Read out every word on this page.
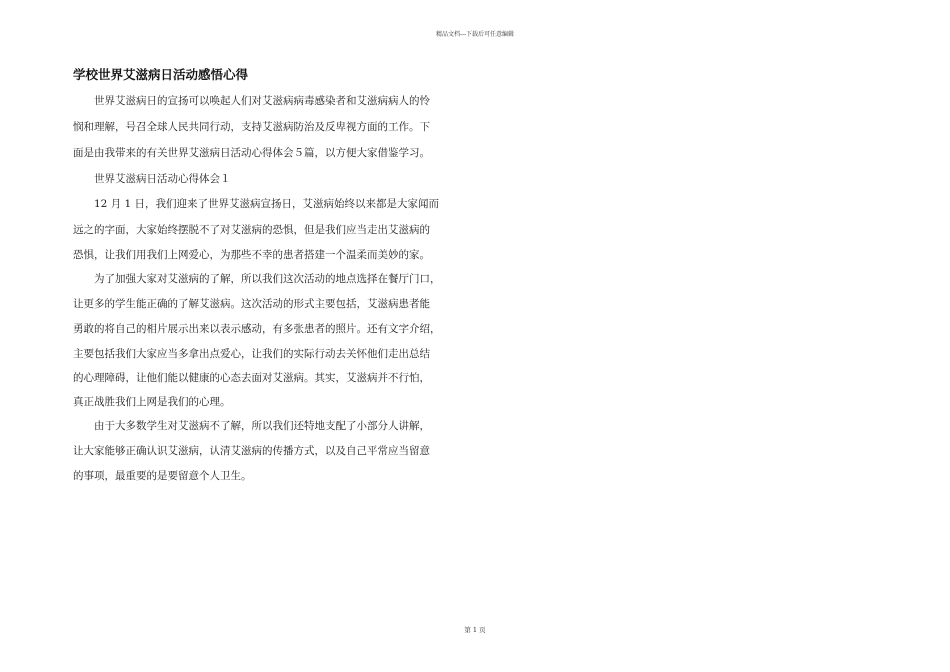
精品文档---下载后可任意编辑
学校世界艾滋病日活动感悟心得
世界艾滋病日的宣扬可以唤起人们对艾滋病病毒感染者和艾滋病病人的怜
悯和理解，号召全球人民共同行动，支持艾滋病防治及反卑视方面的工作。下
面是由我带来的有关世界艾滋病日活动心得体会５篇，以方便大家借鉴学习。
世界艾滋病日活动心得体会１
12 月 1 日，我们迎来了世界艾滋病宣扬日，艾滋病始终以来都是大家闻而
远之的字面，大家始终摆脱不了对艾滋病的恐惧，但是我们应当走出艾滋病的
恐惧，让我们用我们上网爱心，为那些不幸的患者搭建一个温柔而美妙的家。
为了加强大家对艾滋病的了解，所以我们这次活动的地点选择在餐厅门口，
让更多的学生能正确的了解艾滋病。这次活动的形式主要包括，艾滋病患者能
勇敢的将自己的相片展示出来以表示感动，有多张患者的照片。还有文字介绍，
主要包括我们大家应当多拿出点爱心，让我们的实际行动去关怀他们走出总结
的心理障碍，让他们能以健康的心态去面对艾滋病。其实，艾滋病并不行怕，
真正战胜我们上网是我们的心理。
由于大多数学生对艾滋病不了解，所以我们还特地支配了小部分人讲解，
让大家能够正确认识艾滋病，认清艾滋病的传播方式，以及自己平常应当留意
的事项，最重要的是要留意个人卫生。
第 1 页
